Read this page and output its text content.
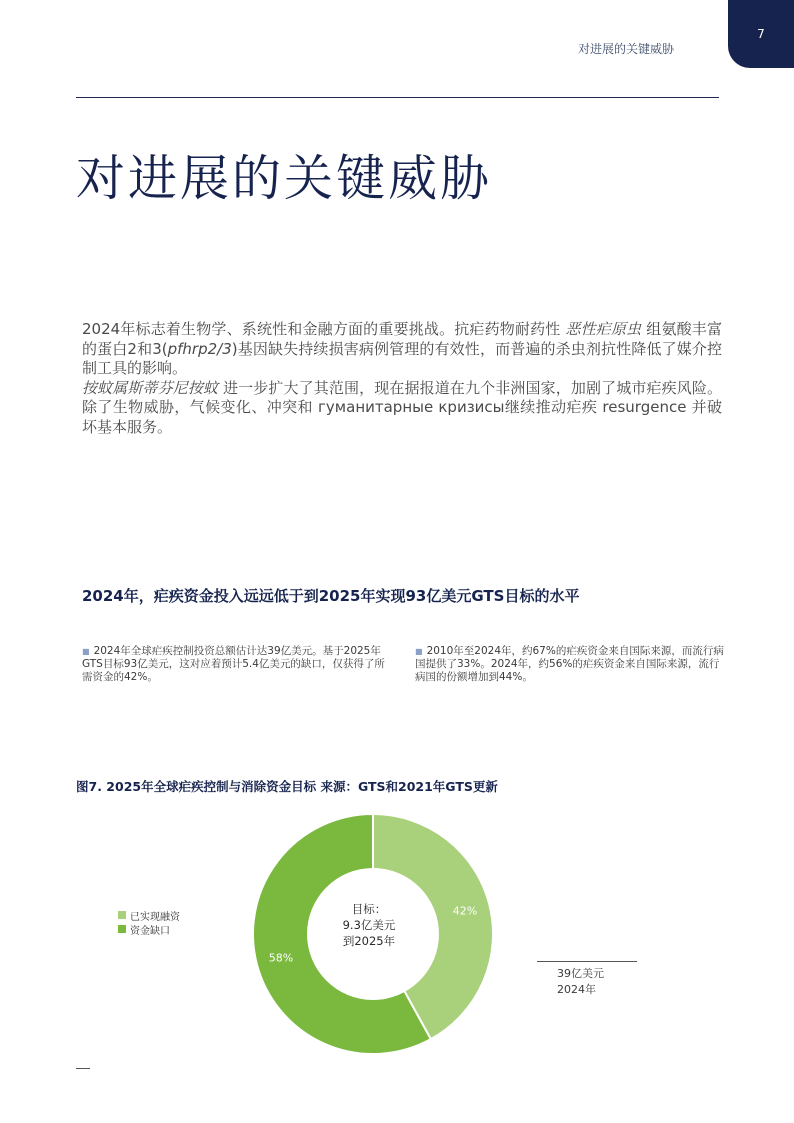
7
对进展的关键威胁
对进展的关键威胁

2024年标志着生物学、系统性和金融方面的重要挑战。抗疟药物耐药性 恶性疟原虫 组氨酸丰富的蛋白2和3(pfhrp2/3)基因缺失持续损害病例管理的有效性，而普遍的杀虫剂抗性降低了媒介控制工具的影响。

按蚊属斯蒂芬尼按蚊 进一步扩大了其范围，现在据报道在九个非洲国家，加剧了城市疟疾风险。除了生物威胁，气候变化、冲突和 гуманитарные кризисы继续推动疟疾 resurgence 并破坏基本服务。

2024年，疟疾资金投入远远低于到2025年实现93亿美元GTS目标的水平
■ 2024年全球疟疾控制投资总额估计达39亿美元。基于2025年GTS目标93亿美元，这对应着预计5.4亿美元的缺口，仅获得了所需资金的42%。
■ 2010年至2024年，约67%的疟疾资金来自国际来源，而流行病国提供了33%。2024年，约56%的疟疾资金来自国际来源，流行病国的份额增加到44%。
图7. 2025年全球疟疾控制与消除资金目标 来源：GTS和2021年GTS更新
已实现融资
资金缺口
42%
58%
目标：
9.3亿美元
到2025年
39亿美元
2024年
